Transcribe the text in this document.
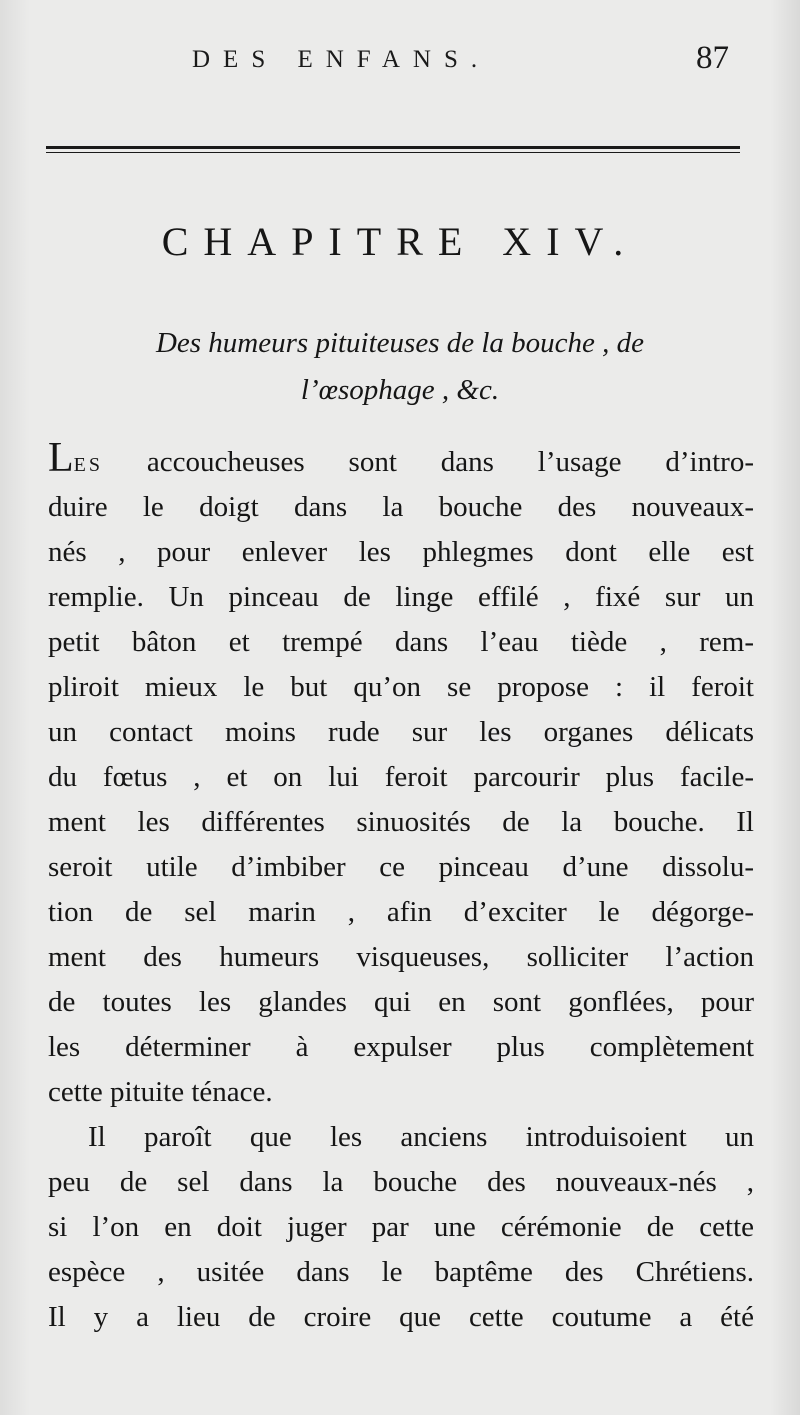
DES ENFANS.	87
CHAPITRE XIV.
Des humeurs pituiteuses de la bouche , de
l’œsophage , &c.
LES accoucheuses sont dans l’usage d’intro-
duire le doigt dans la bouche des nouveaux-
nés , pour enlever les phlegmes dont elle est
remplie. Un pinceau de linge effilé , fixé sur un
petit bâton et trempé dans l’eau tiède , rem-
pliroit mieux le but qu’on se propose : il feroit
un contact moins rude sur les organes délicats
du fœtus , et on lui feroit parcourir plus facile-
ment les différentes sinuosités de la bouche. Il
seroit utile d’imbiber ce pinceau d’une dissolu-
tion de sel marin , afin d’exciter le dégorge-
ment des humeurs visqueuses, solliciter l’action
de toutes les glandes qui en sont gonflées, pour
les déterminer à expulser plus complètement
cette pituite ténace.
Il paroît que les anciens introduisoient un
peu de sel dans la bouche des nouveaux-nés ,
si l’on en doit juger par une cérémonie de cette
espèce , usitée dans le baptême des Chrétiens.
Il y a lieu de croire que cette coutume a été
